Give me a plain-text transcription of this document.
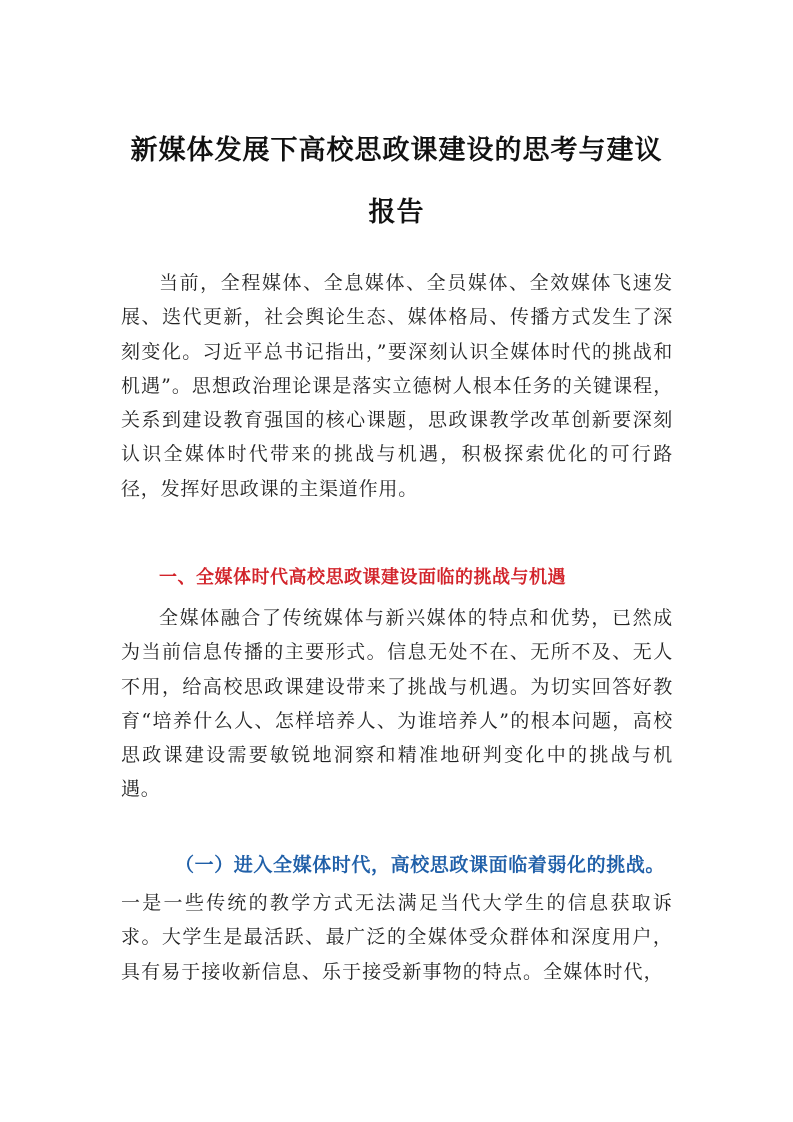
新媒体发展下高校思政课建设的思考与建议
报告

当前，全程媒体、全息媒体、全员媒体、全效媒体飞速发展、迭代更新，社会舆论生态、媒体格局、传播方式发生了深刻变化。习近平总书记指出，”要深刻认识全媒体时代的挑战和机遇”。思想政治理论课是落实立德树人根本任务的关键课程，关系到建设教育强国的核心课题，思政课教学改革创新要深刻认识全媒体时代带来的挑战与机遇，积极探索优化的可行路径，发挥好思政课的主渠道作用。

一、全媒体时代高校思政课建设面临的挑战与机遇

全媒体融合了传统媒体与新兴媒体的特点和优势，已然成为当前信息传播的主要形式。信息无处不在、无所不及、无人不用，给高校思政课建设带来了挑战与机遇。为切实回答好教育“培养什么人、怎样培养人、为谁培养人”的根本问题，高校思政课建设需要敏锐地洞察和精准地研判变化中的挑战与机遇。

（一）进入全媒体时代，高校思政课面临着弱化的挑战。

一是一些传统的教学方式无法满足当代大学生的信息获取诉求。大学生是最活跃、最广泛的全媒体受众群体和深度用户，具有易于接收新信息、乐于接受新事物的特点。全媒体时代，
